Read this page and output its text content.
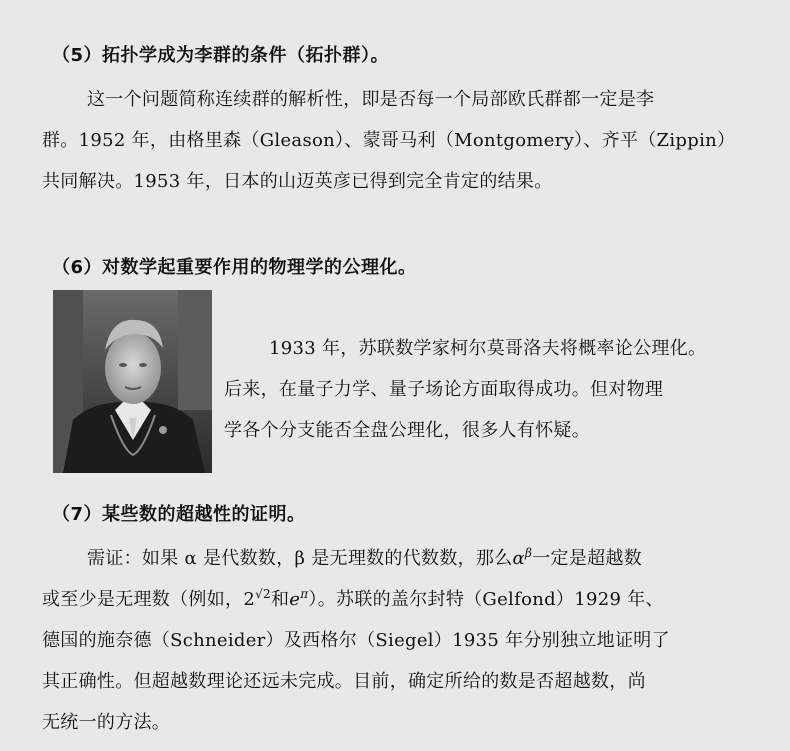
（5）拓扑学成为李群的条件（拓扑群）。
这一个问题简称连续群的解析性，即是否每一个局部欧氏群都一定是李
群。1952 年，由格里森（Gleason）、蒙哥马利（Montgomery）、齐平（Zippin）
共同解决。1953 年，日本的山迈英彦已得到完全肯定的结果。
（6）对数学起重要作用的物理学的公理化。
1933 年，苏联数学家柯尔莫哥洛夫将概率论公理化。
后来，在量子力学、量子场论方面取得成功。但对物理
学各个分支能否全盘公理化，很多人有怀疑。
（7）某些数的超越性的证明。
需证：如果 α 是代数数，β 是无理数的代数数，那么$\alpha^\beta$一定是超越数
或至少是无理数（例如，$2^{√2}$和$e^\pi$）。苏联的盖尔封特（Gelfond）1929 年、
德国的施奈德（Schneider）及西格尔（Siegel）1935 年分别独立地证明了
其正确性。但超越数理论还远未完成。目前，确定所给的数是否超越数，尚
无统一的方法。
